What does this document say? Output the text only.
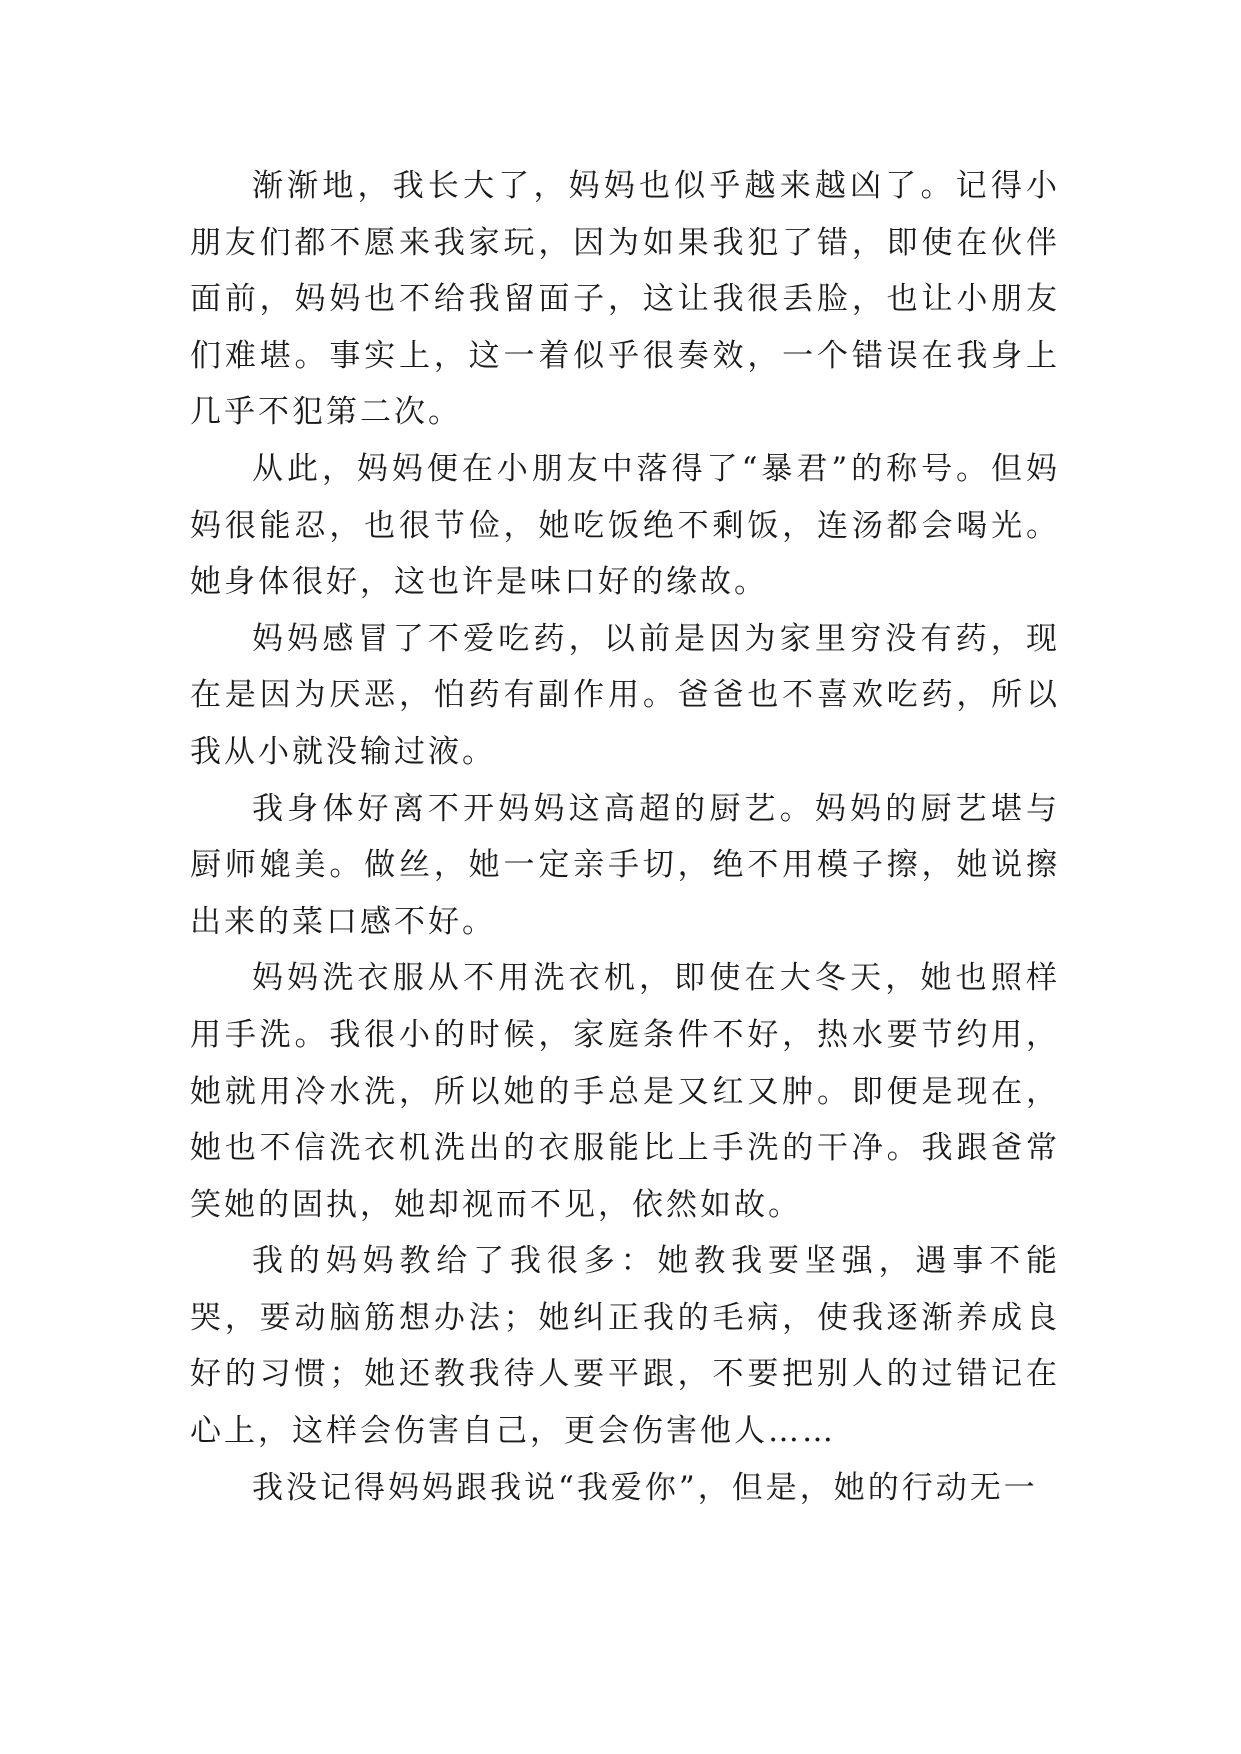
渐渐地，我长大了，妈妈也似乎越来越凶了。记得小朋友们都不愿来我家玩，因为如果我犯了错，即使在伙伴面前，妈妈也不给我留面子，这让我很丢脸，也让小朋友们难堪。事实上，这一着似乎很奏效，一个错误在我身上几乎不犯第二次。

从此，妈妈便在小朋友中落得了“暴君”的称号。但妈妈很能忍，也很节俭，她吃饭绝不剩饭，连汤都会喝光。她身体很好，这也许是味口好的缘故。

妈妈感冒了不爱吃药，以前是因为家里穷没有药，现在是因为厌恶，怕药有副作用。爸爸也不喜欢吃药，所以我从小就没输过液。

我身体好离不开妈妈这高超的厨艺。妈妈的厨艺堪与厨师媲美。做丝，她一定亲手切，绝不用模子擦，她说擦出来的菜口感不好。

妈妈洗衣服从不用洗衣机，即使在大冬天，她也照样用手洗。我很小的时候，家庭条件不好，热水要节约用，她就用冷水洗，所以她的手总是又红又肿。即便是现在，她也不信洗衣机洗出的衣服能比上手洗的干净。我跟爸常笑她的固执，她却视而不见，依然如故。

我的妈妈教给了我很多：她教我要坚强，遇事不能哭，要动脑筋想办法；她纠正我的毛病，使我逐渐养成良好的习惯；她还教我待人要平跟，不要把别人的过错记在心上，这样会伤害自己，更会伤害他人……

我没记得妈妈跟我说“我爱你”，但是，她的行动无一
